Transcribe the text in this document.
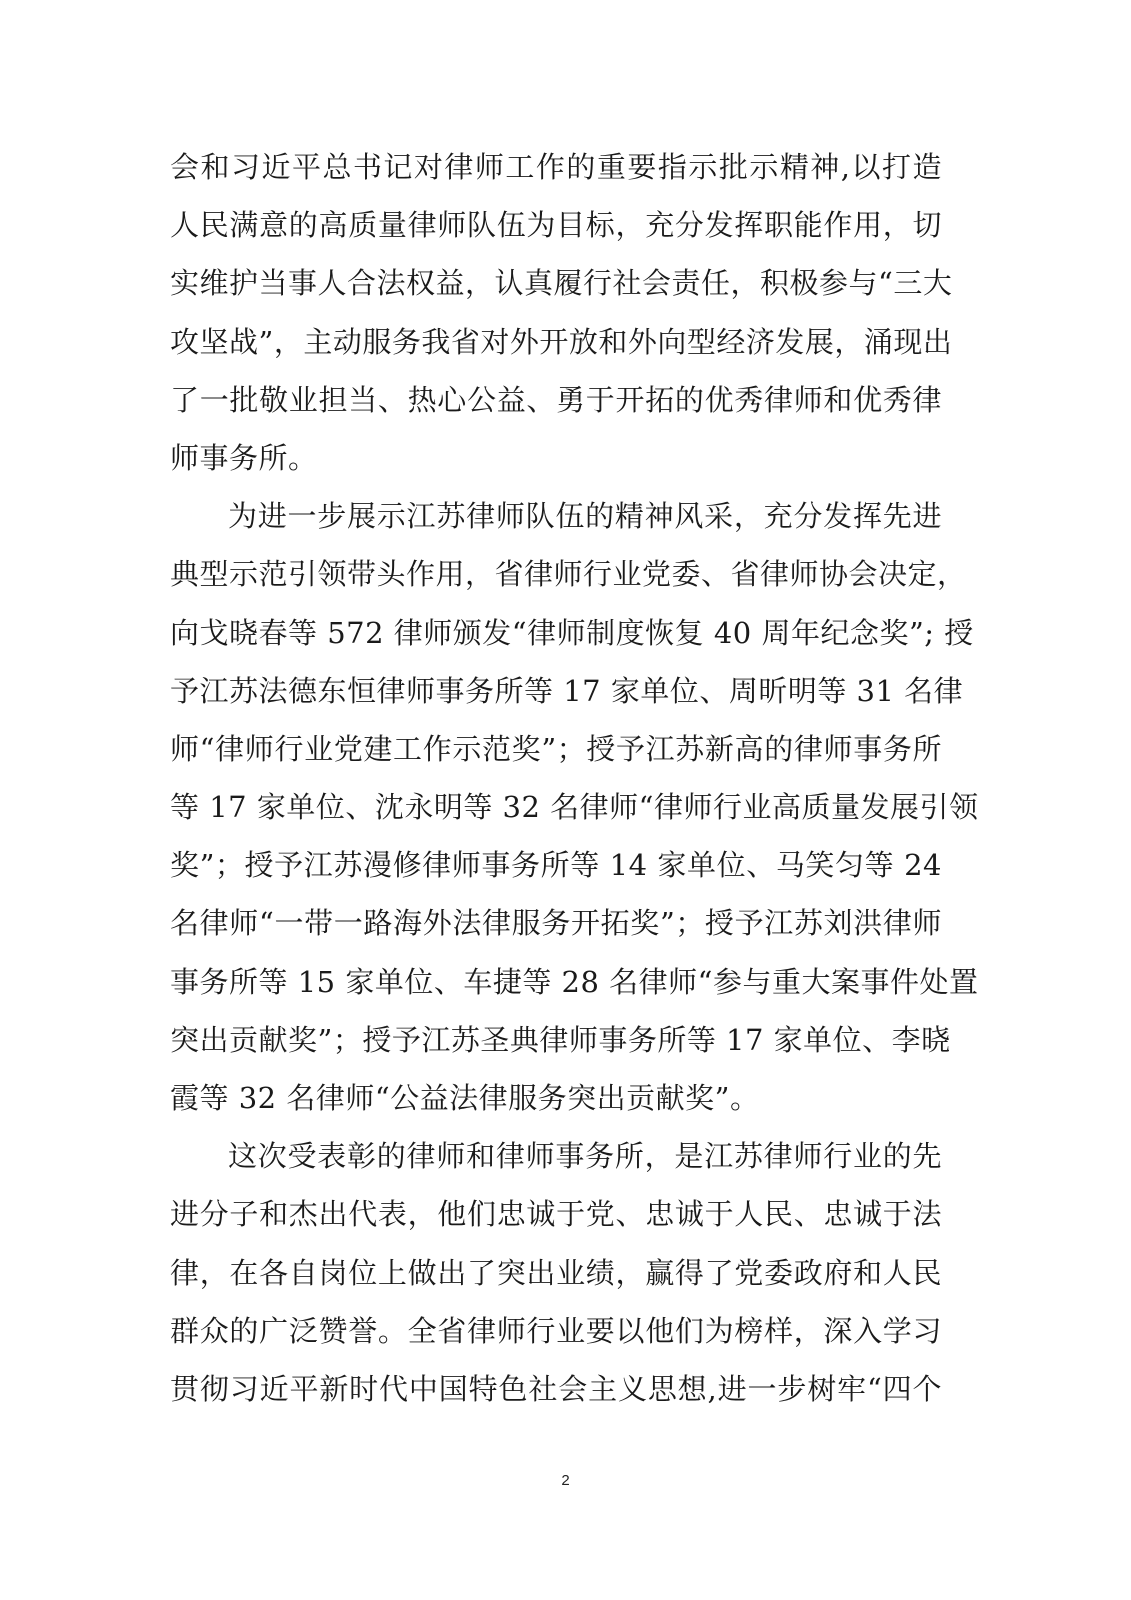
会和习近平总书记对律师工作的重要指示批示精神,以打造
人民满意的高质量律师队伍为目标，充分发挥职能作用，切
实维护当事人合法权益，认真履行社会责任，积极参与“三大
攻坚战”，主动服务我省对外开放和外向型经济发展，涌现出
了一批敬业担当、热心公益、勇于开拓的优秀律师和优秀律
师事务所。
为进一步展示江苏律师队伍的精神风采，充分发挥先进
典型示范引领带头作用，省律师行业党委、省律师协会决定，
向戈晓春等 572 律师颁发“律师制度恢复 40 周年纪念奖”; 授
予江苏法德东恒律师事务所等 17 家单位、周昕明等 31 名律
师“律师行业党建工作示范奖”；授予江苏新高的律师事务所
等 17 家单位、沈永明等 32 名律师“律师行业高质量发展引领
奖”；授予江苏漫修律师事务所等 14 家单位、马笑匀等 24
名律师“一带一路海外法律服务开拓奖”；授予江苏刘洪律师
事务所等 15 家单位、车捷等 28 名律师“参与重大案事件处置
突出贡献奖”；授予江苏圣典律师事务所等 17 家单位、李晓
霞等 32 名律师“公益法律服务突出贡献奖”。
这次受表彰的律师和律师事务所，是江苏律师行业的先
进分子和杰出代表，他们忠诚于党、忠诚于人民、忠诚于法
律，在各自岗位上做出了突出业绩，赢得了党委政府和人民
群众的广泛赞誉。全省律师行业要以他们为榜样，深入学习
贯彻习近平新时代中国特色社会主义思想,进一步树牢“四个
2
